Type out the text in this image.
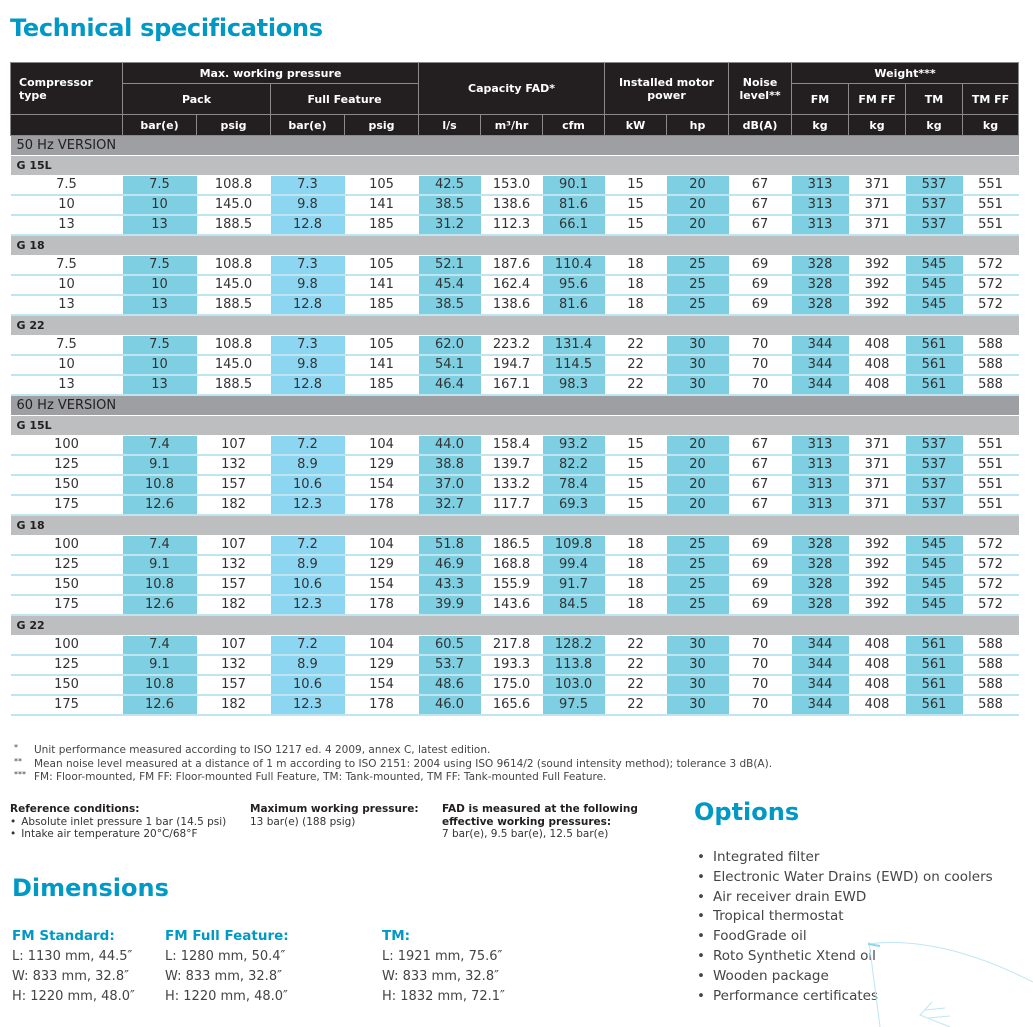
Technical specifications
Compressor type	Max. working pressure				Capacity FAD*			Installed motor power		Noise level**	Weight***			
	Pack		Full Feature								FM	FM FF	TM	TM FF
	bar(e)	psig	bar(e)	psig	l/s	m³/hr	cfm	kW	hp	dB(A)	kg	kg	kg	kg
50 Hz VERSION														
G 15L														
7.5	7.5	108.8	7.3	105	42.5	153.0	90.1	15	20	67	313	371	537	551
10	10	145.0	9.8	141	38.5	138.6	81.6	15	20	67	313	371	537	551
13	13	188.5	12.8	185	31.2	112.3	66.1	15	20	67	313	371	537	551
G 18														
7.5	7.5	108.8	7.3	105	52.1	187.6	110.4	18	25	69	328	392	545	572
10	10	145.0	9.8	141	45.4	162.4	95.6	18	25	69	328	392	545	572
13	13	188.5	12.8	185	38.5	138.6	81.6	18	25	69	328	392	545	572
G 22														
7.5	7.5	108.8	7.3	105	62.0	223.2	131.4	22	30	70	344	408	561	588
10	10	145.0	9.8	141	54.1	194.7	114.5	22	30	70	344	408	561	588
13	13	188.5	12.8	185	46.4	167.1	98.3	22	30	70	344	408	561	588
60 Hz VERSION														
G 15L														
100	7.4	107	7.2	104	44.0	158.4	93.2	15	20	67	313	371	537	551
125	9.1	132	8.9	129	38.8	139.7	82.2	15	20	67	313	371	537	551
150	10.8	157	10.6	154	37.0	133.2	78.4	15	20	67	313	371	537	551
175	12.6	182	12.3	178	32.7	117.7	69.3	15	20	67	313	371	537	551
G 18														
100	7.4	107	7.2	104	51.8	186.5	109.8	18	25	69	328	392	545	572
125	9.1	132	8.9	129	46.9	168.8	99.4	18	25	69	328	392	545	572
150	10.8	157	10.6	154	43.3	155.9	91.7	18	25	69	328	392	545	572
175	12.6	182	12.3	178	39.9	143.6	84.5	18	25	69	328	392	545	572
G 22														
100	7.4	107	7.2	104	60.5	217.8	128.2	22	30	70	344	408	561	588
125	9.1	132	8.9	129	53.7	193.3	113.8	22	30	70	344	408	561	588
150	10.8	157	10.6	154	48.6	175.0	103.0	22	30	70	344	408	561	588
175	12.6	182	12.3	178	46.0	165.6	97.5	22	30	70	344	408	561	588
* Unit performance measured according to ISO 1217 ed. 4 2009, annex C, latest edition.
** Mean noise level measured at a distance of 1 m according to ISO 2151: 2004 using ISO 9614/2 (sound intensity method); tolerance 3 dB(A).
*** FM: Floor-mounted, FM FF: Floor-mounted Full Feature, TM: Tank-mounted, TM FF: Tank-mounted Full Feature.
Reference conditions:
• Absolute inlet pressure 1 bar (14.5 psi)
• Intake air temperature 20°C/68°F
Maximum working pressure:
13 bar(e) (188 psig)
FAD is measured at the following
effective working pressures:
7 bar(e), 9.5 bar(e), 12.5 bar(e)
Dimensions
FM Standard:
L: 1130 mm, 44.5″
W: 833 mm, 32.8″
H: 1220 mm, 48.0″
FM Full Feature:
L: 1280 mm, 50.4″
W: 833 mm, 32.8″
H: 1220 mm, 48.0″
TM:
L: 1921 mm, 75.6″
W: 833 mm, 32.8″
H: 1832 mm, 72.1″
Options
• Integrated filter
• Electronic Water Drains (EWD) on coolers
• Air receiver drain EWD
• Tropical thermostat
• FoodGrade oil
• Roto Synthetic Xtend oil
• Wooden package
• Performance certificates
